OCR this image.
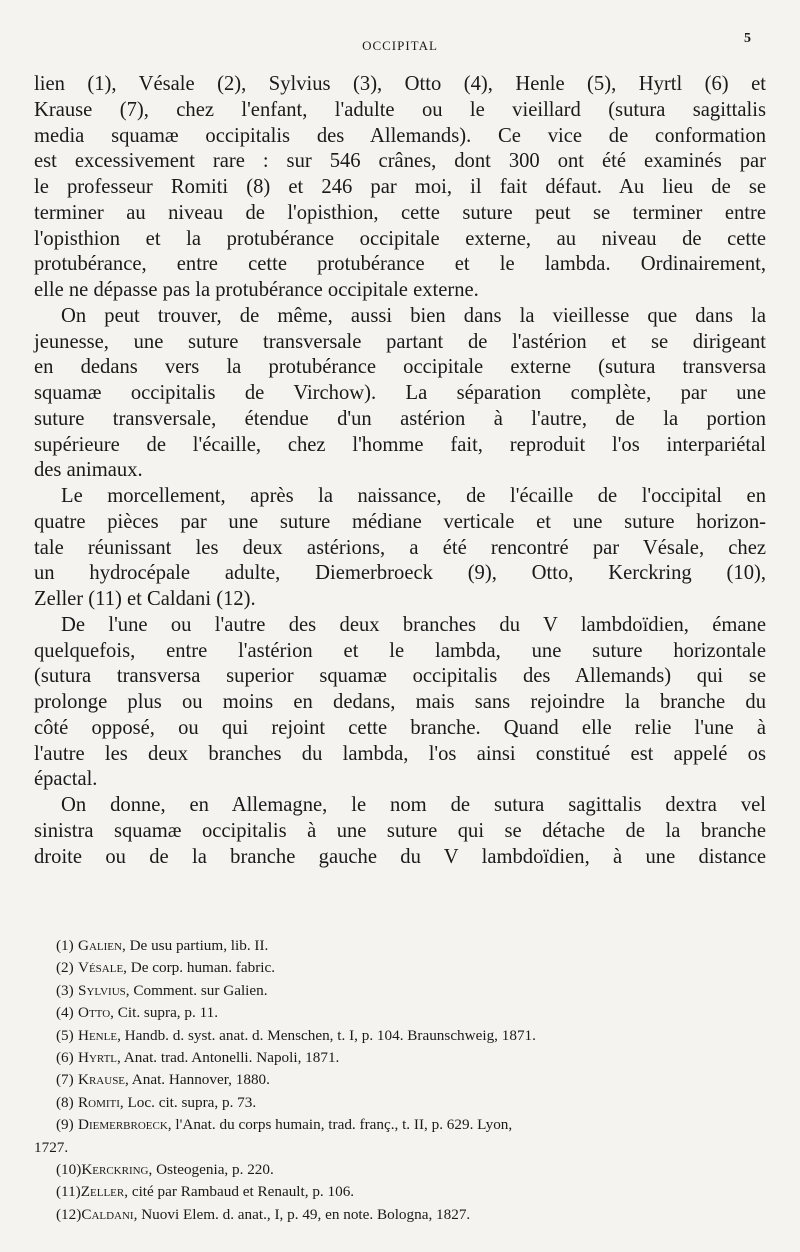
OCCIPITAL	5

lien (1), Vésale (2), Sylvius (3), Otto (4), Henle (5), Hyrtl (6) et

Krause (7), chez l'enfant, l'adulte ou le vieillard (sutura sagittalis

media squamæ occipitalis des Allemands). Ce vice de conformation

est excessivement rare : sur 546 crânes, dont 300 ont été examinés par

le professeur Romiti (8) et 246 par moi, il fait défaut. Au lieu de se

terminer au niveau de l'opisthion, cette suture peut se terminer entre

l'opisthion et la protubérance occipitale externe, au niveau de cette

protubérance, entre cette protubérance et le lambda. Ordinairement,

elle ne dépasse pas la protubérance occipitale externe.

On peut trouver, de même, aussi bien dans la vieillesse que dans la

jeunesse, une suture transversale partant de l'astérion et se dirigeant

en dedans vers la protubérance occipitale externe (sutura transversa

squamæ occipitalis de Virchow). La séparation complète, par une

suture transversale, étendue d'un astérion à l'autre, de la portion

supérieure de l'écaille, chez l'homme fait, reproduit l'os interpariétal

des animaux.

Le morcellement, après la naissance, de l'écaille de l'occipital en

quatre pièces par une suture médiane verticale et une suture horizon-

tale réunissant les deux astérions, a été rencontré par Vésale, chez

un hydrocépale adulte, Diemerbroeck (9), Otto, Kerckring (10),

Zeller (11) et Caldani (12).

De l'une ou l'autre des deux branches du V lambdoïdien, émane

quelquefois, entre l'astérion et le lambda, une suture horizontale

(sutura transversa superior squamæ occipitalis des Allemands) qui se

prolonge plus ou moins en dedans, mais sans rejoindre la branche du

côté opposé, ou qui rejoint cette branche. Quand elle relie l'une à

l'autre les deux branches du lambda, l'os ainsi constitué est appelé os

épactal.

On donne, en Allemagne, le nom de sutura sagittalis dextra vel

sinistra squamæ occipitalis à une suture qui se détache de la branche

droite ou de la branche gauche du V lambdoïdien, à une distance

(1) Galien, De usu partium, lib. II.
(2) Vésale, De corp. human. fabric.
(3) Sylvius, Comment. sur Galien.
(4) Otto, Cit. supra, p. 11.
(5) Henle, Handb. d. syst. anat. d. Menschen, t. I, p. 104. Braunschweig, 1871.
(6) Hyrtl, Anat. trad. Antonelli. Napoli, 1871.
(7) Krause, Anat. Hannover, 1880.
(8) Romiti, Loc. cit. supra, p. 73.
(9) Diemerbroeck, l'Anat. du corps humain, trad. franç., t. II, p. 629. Lyon,
1727.
(10)Kerckring, Osteogenia, p. 220.
(11)Zeller, cité par Rambaud et Renault, p. 106.
(12)Caldani, Nuovi Elem. d. anat., I, p. 49, en note. Bologna, 1827.
